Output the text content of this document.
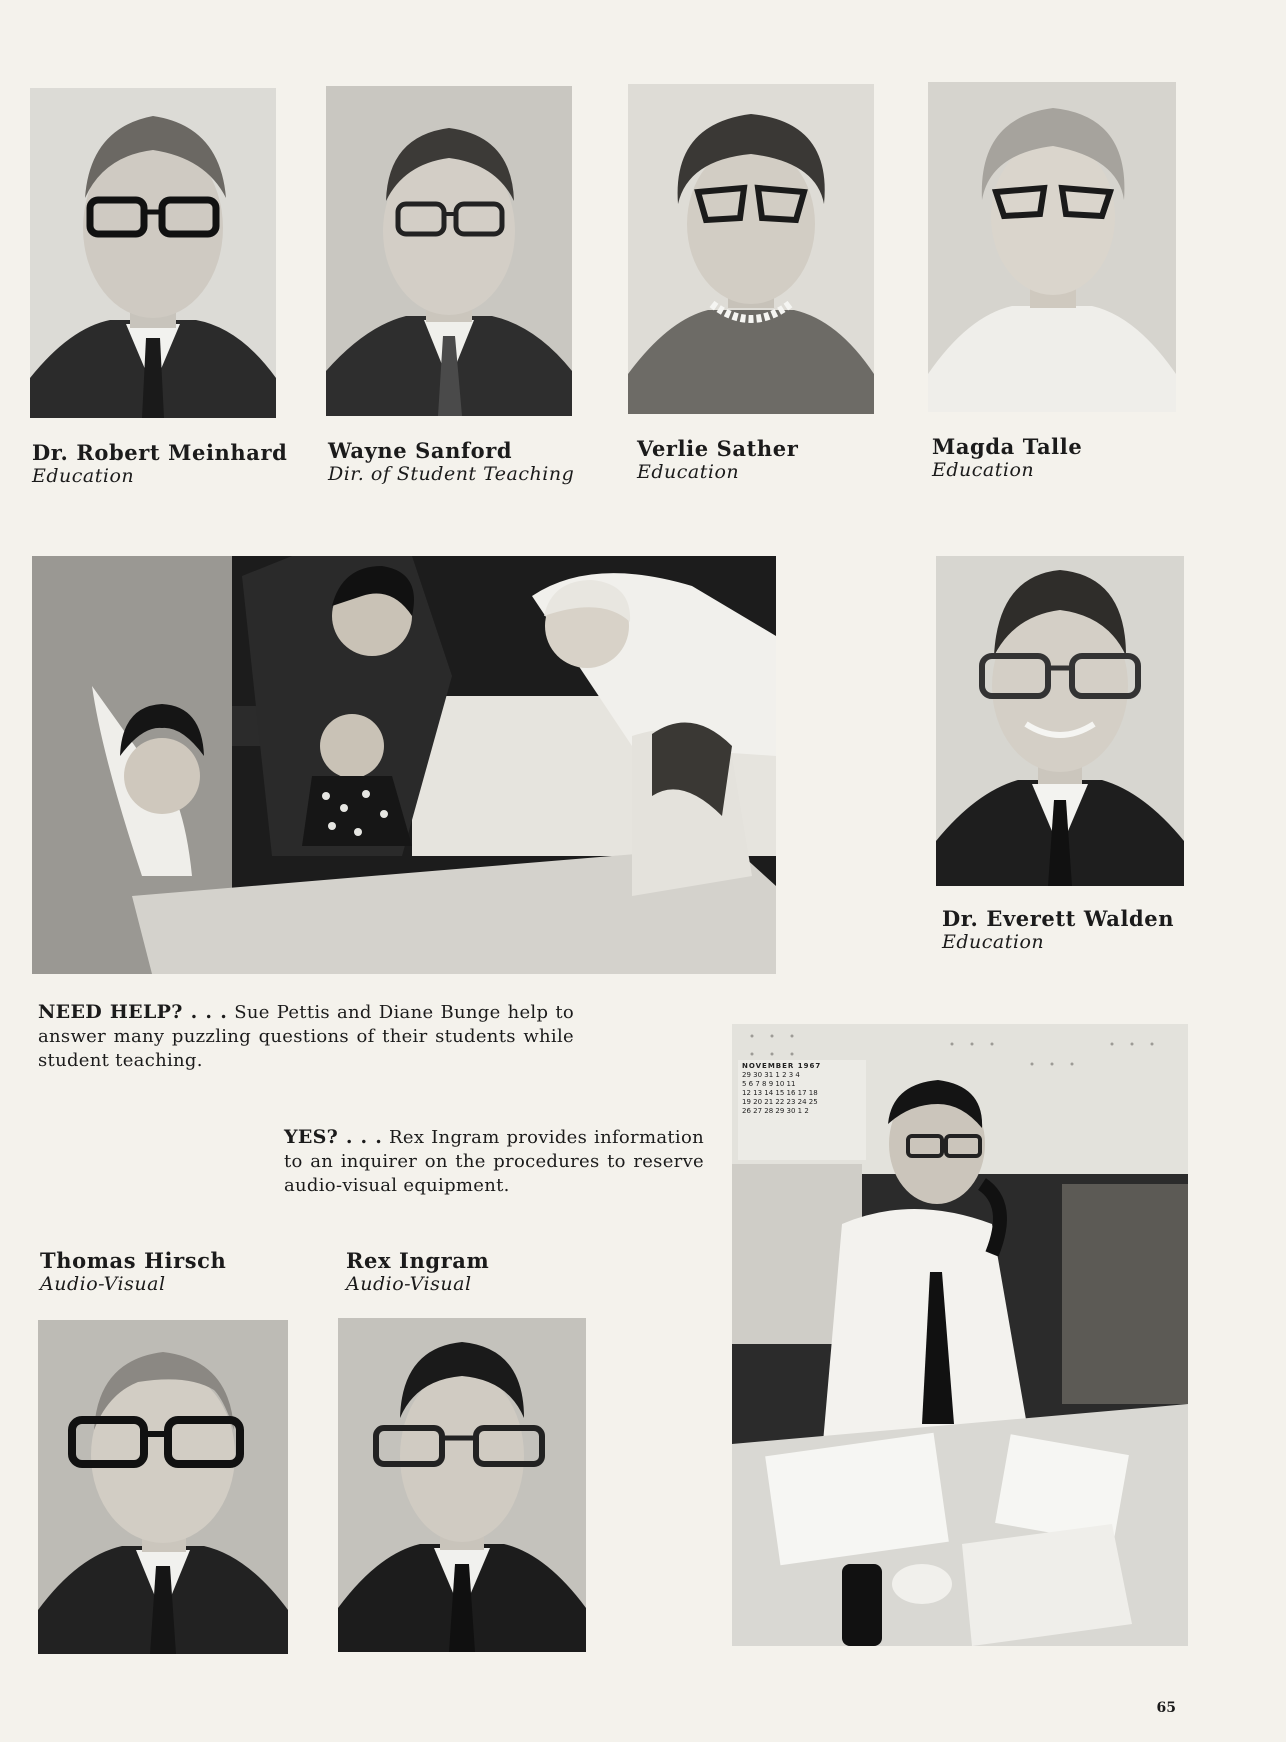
Dr. Robert Meinhard
Education
Wayne Sanford
Dir. of Student Teaching
Verlie Sather
Education
Magda Talle
Education
Dr. Everett Walden
Education
NEED HELP? . . . Sue Pettis and Diane Bunge help to answer many puzzling questions of their students while student teaching.
YES? . . . Rex Ingram provides information to an inquirer on the procedures to reserve audio-visual equipment.
NOVEMBER 1967
29 30 31 1 2 3 4
5 6 7 8 9 10 11
12 13 14 15 16 17 18
19 20 21 22 23 24 25
26 27 28 29 30 1 2
Thomas Hirsch
Audio-Visual
Rex Ingram
Audio-Visual
65
